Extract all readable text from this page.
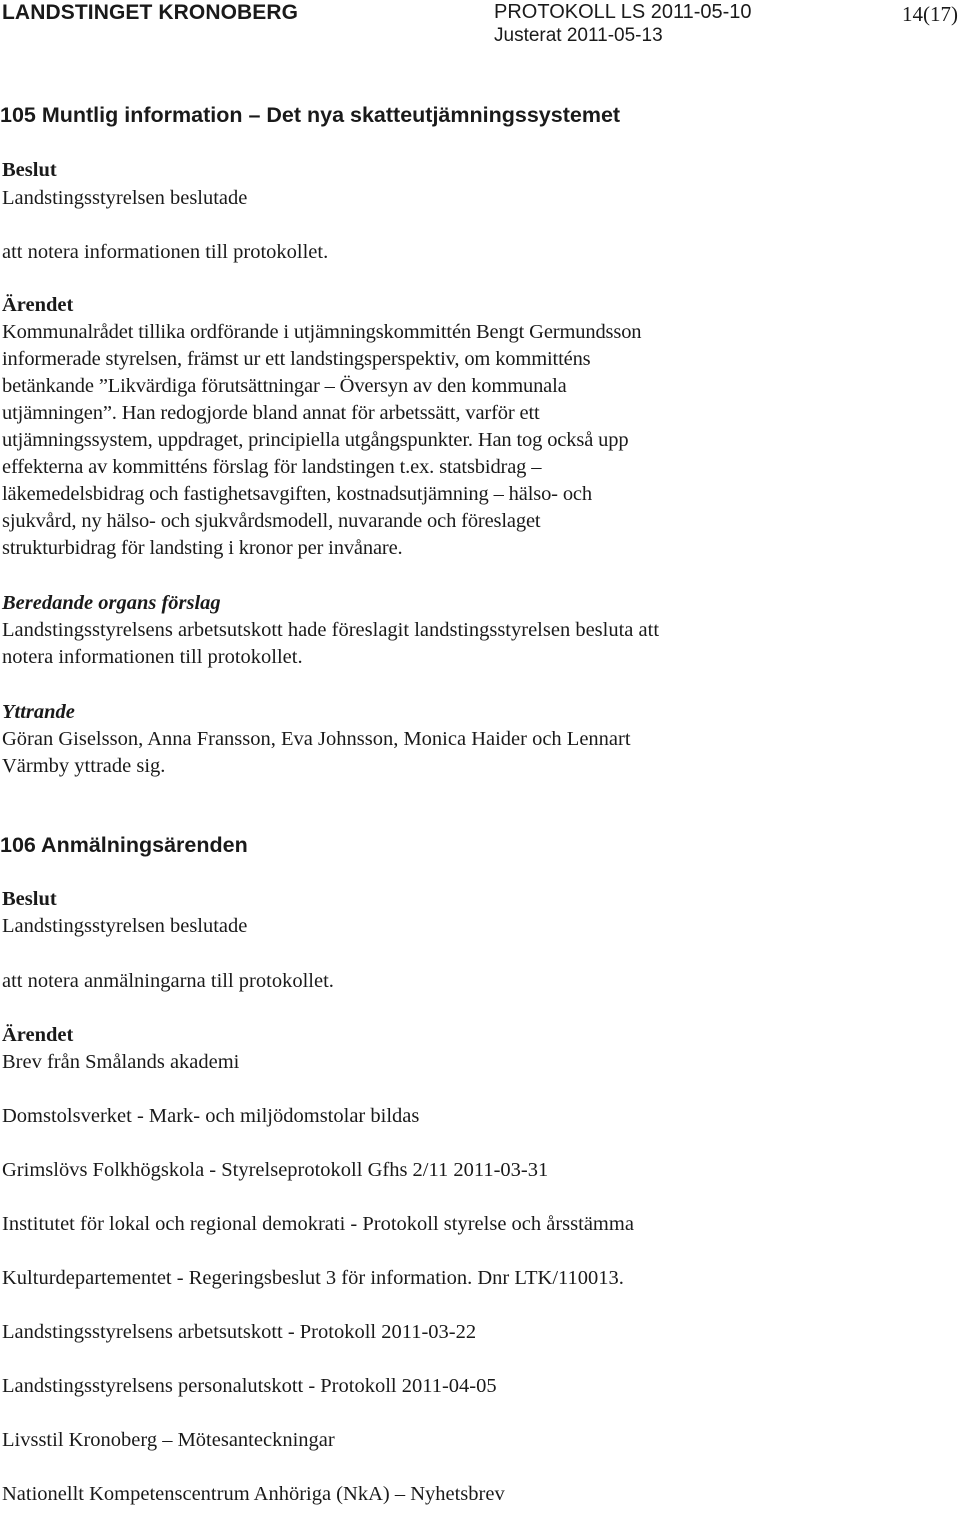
LANDSTINGET KRONOBERG	PROTOKOLL LS 2011-05-10
Justerat 2011-05-13
14(17)
105 Muntlig information – Det nya skatteutjämningssystemet
Beslut
Landstingsstyrelsen beslutade
att notera informationen till protokollet.
Ärendet
Kommunalrådet tillika ordförande i utjämningskommittén Bengt Germundsson
informerade styrelsen, främst ur ett landstingsperspektiv, om kommitténs
betänkande ”Likvärdiga förutsättningar – Översyn av den kommunala
utjämningen”. Han redogjorde bland annat för arbetssätt, varför ett
utjämningssystem, uppdraget, principiella utgångspunkter. Han tog också upp
effekterna av kommitténs förslag för landstingen t.ex. statsbidrag –
läkemedelsbidrag och fastighetsavgiften, kostnadsutjämning – hälso- och
sjukvård, ny hälso- och sjukvårdsmodell, nuvarande och föreslaget
strukturbidrag för landsting i kronor per invånare.
Beredande organs förslag
Landstingsstyrelsens arbetsutskott hade föreslagit landstingsstyrelsen besluta att
notera informationen till protokollet.
Yttrande
Göran Giselsson, Anna Fransson, Eva Johnsson, Monica Haider och Lennart
Värmby yttrade sig.
106 Anmälningsärenden
Beslut
Landstingsstyrelsen beslutade
att notera anmälningarna till protokollet.
Ärendet
Brev från Smålands akademi
Domstolsverket - Mark- och miljödomstolar bildas
Grimslövs Folkhögskola - Styrelseprotokoll Gfhs 2/11 2011-03-31
Institutet för lokal och regional demokrati - Protokoll styrelse och årsstämma
Kulturdepartementet - Regeringsbeslut 3 för information. Dnr LTK/110013.
Landstingsstyrelsens arbetsutskott - Protokoll 2011-03-22
Landstingsstyrelsens personalutskott - Protokoll 2011-04-05
Livsstil Kronoberg – Mötesanteckningar
Nationellt Kompetenscentrum Anhöriga (NkA) – Nyhetsbrev
